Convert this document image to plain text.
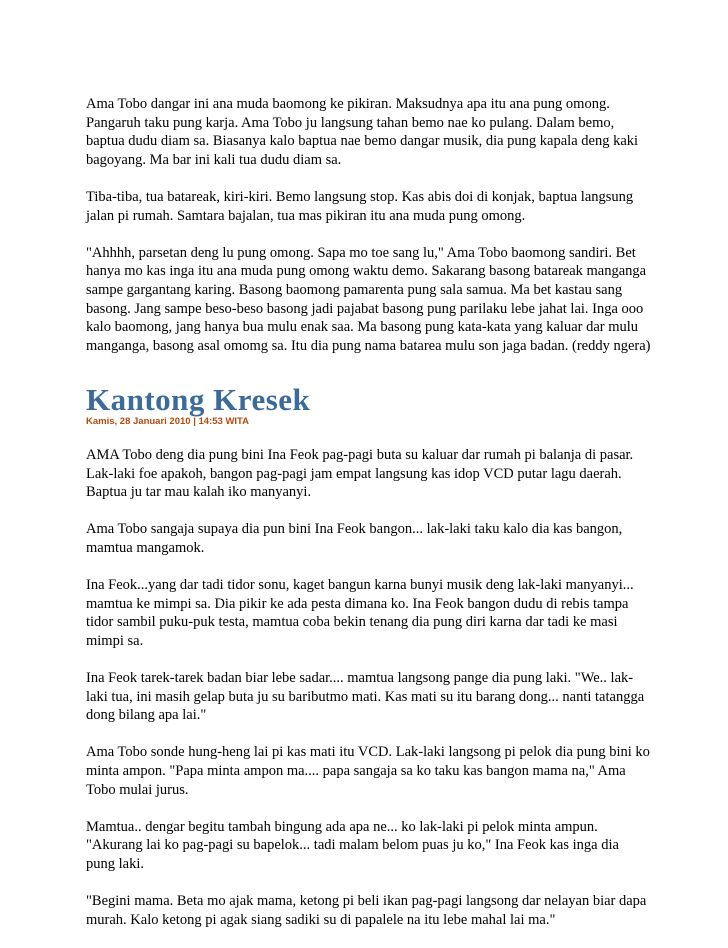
Ama Tobo dangar ini ana muda baomong ke pikiran. Maksudnya apa itu ana pung omong.
Pangaruh taku pung karja. Ama Tobo ju langsung tahan bemo nae ko pulang. Dalam bemo,
baptua dudu diam sa. Biasanya kalo baptua nae bemo dangar musik, dia pung kapala deng kaki
bagoyang. Ma bar ini kali tua dudu diam sa.

Tiba-tiba, tua batareak, kiri-kiri. Bemo langsung stop. Kas abis doi di konjak, baptua langsung
jalan pi rumah. Samtara bajalan, tua mas pikiran itu ana muda pung omong.

"Ahhhh, parsetan deng lu pung omong. Sapa mo toe sang lu," Ama Tobo baomong sandiri. Bet
hanya mo kas inga itu ana muda pung omong waktu demo. Sakarang basong batareak manganga
sampe gargantang karing. Basong baomong pamarenta pung sala samua. Ma bet kastau sang
basong. Jang sampe beso-beso basong jadi pajabat basong pung parilaku lebe jahat lai. Inga ooo
kalo baomong, jang hanya bua mulu enak saa. Ma basong pung kata-kata yang kaluar dar mulu
manganga, basong asal omomg sa. Itu dia pung nama batarea mulu son jaga badan. (reddy ngera)

Kantong Kresek
Kamis, 28 Januari 2010 | 14:53 WITA

AMA Tobo deng dia pung bini Ina Feok pag-pagi buta su kaluar dar rumah pi balanja di pasar.
Lak-laki foe apakoh, bangon pag-pagi jam empat langsung kas idop VCD putar lagu daerah.
Baptua ju tar mau kalah iko manyanyi.

Ama Tobo sangaja supaya dia pun bini Ina Feok bangon... lak-laki taku kalo dia kas bangon,
mamtua mangamok.

Ina Feok...yang dar tadi tidor sonu, kaget bangun karna bunyi musik deng lak-laki manyanyi...
mamtua ke mimpi sa. Dia pikir ke ada pesta dimana ko. Ina Feok bangon dudu di rebis tampa
tidor sambil puku-puk testa, mamtua coba bekin tenang dia pung diri karna dar tadi ke masi
mimpi sa.

Ina Feok tarek-tarek badan biar lebe sadar.... mamtua langsong pange dia pung laki. "We.. lak-
laki tua, ini masih gelap buta ju su baributmo mati. Kas mati su itu barang dong... nanti tatangga
dong bilang apa lai."

Ama Tobo sonde hung-heng lai pi kas mati itu VCD. Lak-laki langsong pi pelok dia pung bini ko
minta ampon. "Papa minta ampon ma.... papa sangaja sa ko taku kas bangon mama na," Ama
Tobo mulai jurus.

Mamtua.. dengar begitu tambah bingung ada apa ne... ko lak-laki pi pelok minta ampun.
"Akurang lai ko pag-pagi su bapelok... tadi malam belom puas ju ko," Ina Feok kas inga dia
pung laki.

"Begini mama. Beta mo ajak mama, ketong pi beli ikan pag-pagi langsong dar nelayan biar dapa
murah. Kalo ketong pi agak siang sadiki su di papalele na itu lebe mahal lai ma."
